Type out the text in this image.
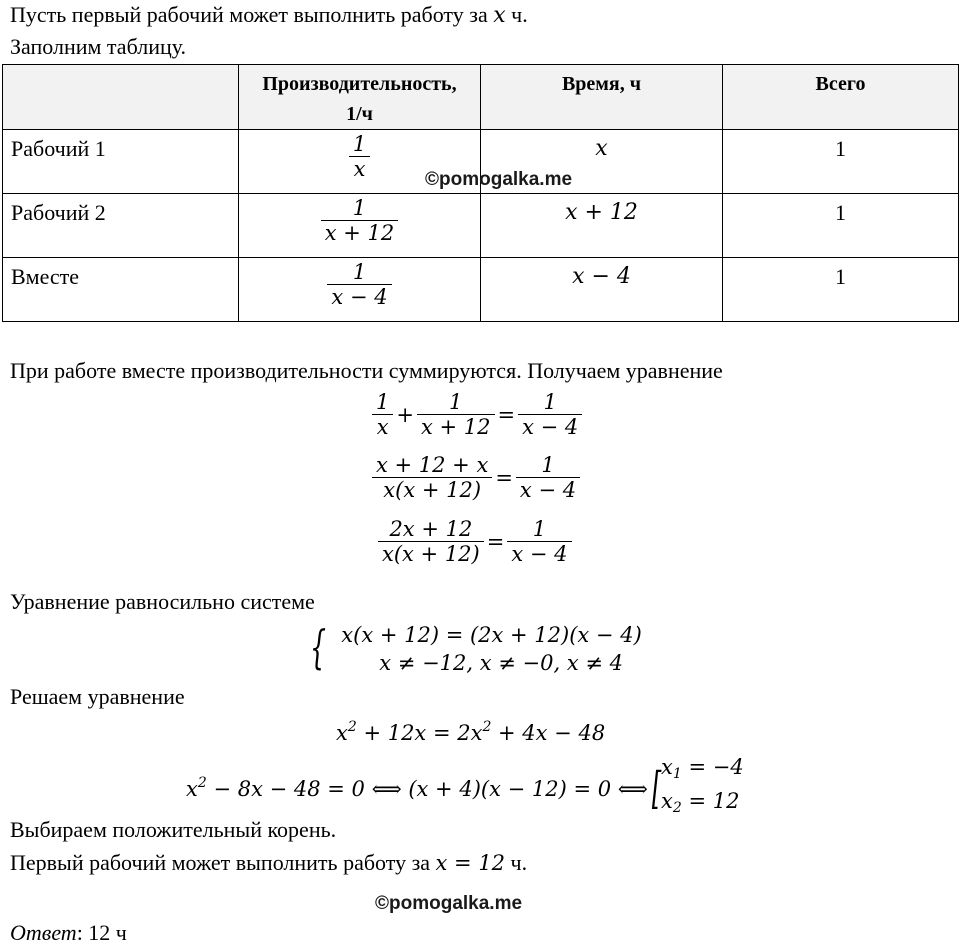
Пусть первый рабочий может выполнить работу за x ч.
Заполним таблицу.

	Производительность,
1/ч	Время, ч	Всего

Рабочий 1	$\frac{1}{x}$	x	1

Рабочий 2	$\frac{1}{x + 12}$	x + 12	1

Вместе	$\frac{1}{x - 4}$	x − 4	1
©pomogalka.me
При работе вместе производительности суммируются. Получаем уравнение
$\frac{1}{x} + \frac{1}{x + 12} = \frac{1}{x - 4}$
$\frac{x + 12 + x}{x(x + 12)} = \frac{1}{x - 4}$
$\frac{2x + 12}{x(x + 12)} = \frac{1}{x - 4}$
Уравнение равносильно системе
{ x(x + 12) = (2x + 12)(x − 4)
x ≠ −12, x ≠ −0, x ≠ 4
Решаем уравнение
$x^2 + 12x = 2x^2 + 4x - 48$
$x^2 - 8x - 48 = 0$ ⟺ (x + 4)(x − 12) = 0 ⟺ [ $x_1 = -4$
$x_2 = 12$
Выбираем положительный корень.
Первый рабочий может выполнить работу за x = 12 ч.
©pomogalka.me
Ответ: 12 ч
